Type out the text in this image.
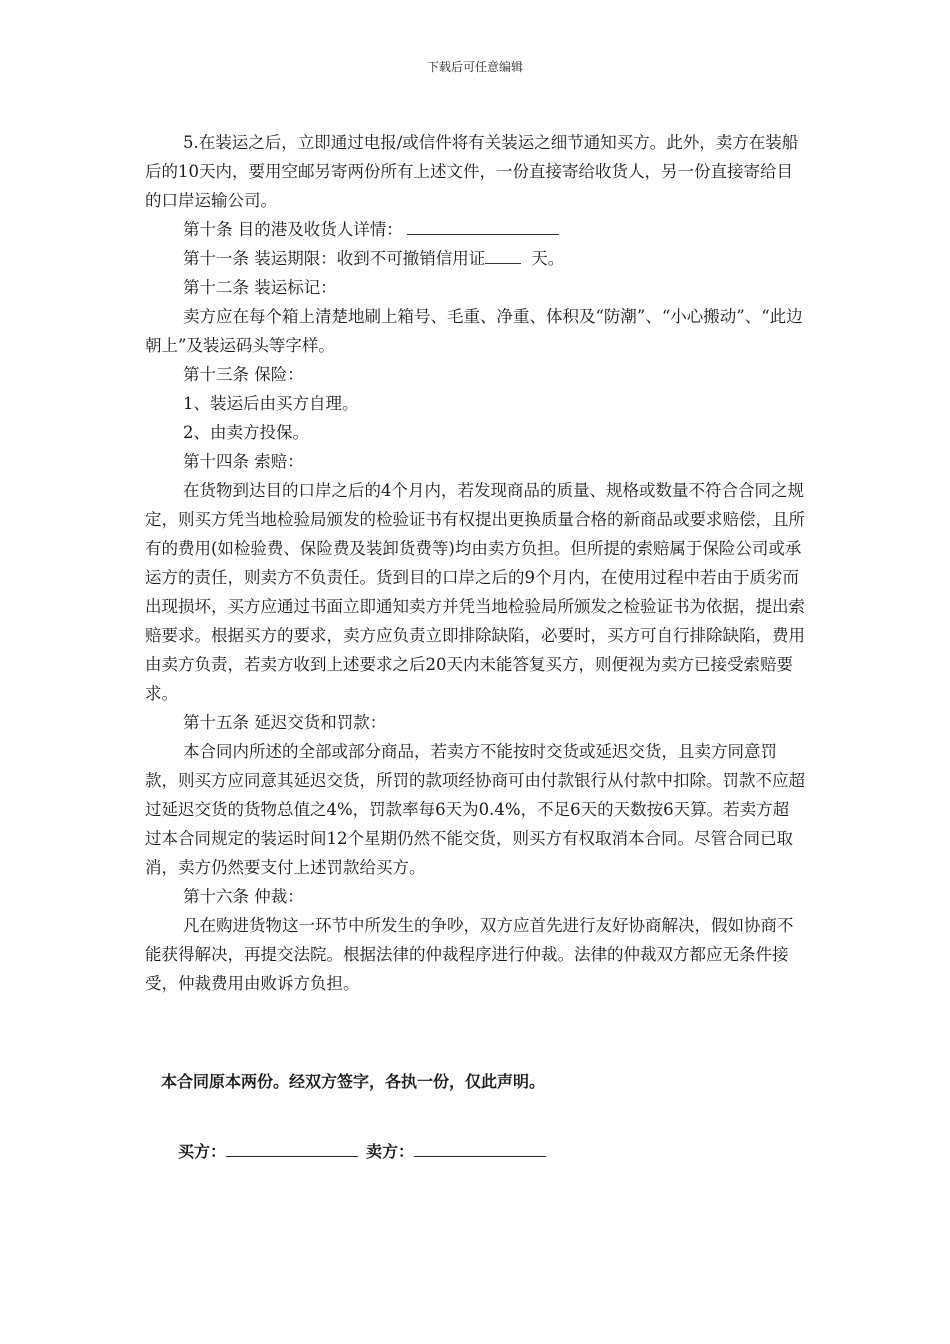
下载后可任意编辑

5.在装运之后，立即通过电报/或信件将有关装运之细节通知买方。此外，卖方在装船后的10天内，要用空邮另寄两份所有上述文件，一份直接寄给收货人，另一份直接寄给目的口岸运输公司。

第十条 目的港及收货人详情：

第十一条 装运期限：收到不可撤销信用证	天。

第十二条 装运标记：

卖方应在每个箱上清楚地刷上箱号、毛重、净重、体积及“防潮”、“小心搬动”、“此边朝上”及装运码头等字样。

第十三条 保险：

1、装运后由买方自理。

2、由卖方投保。

第十四条 索赔：

在货物到达目的口岸之后的4个月内，若发现商品的质量、规格或数量不符合合同之规定，则买方凭当地检验局颁发的检验证书有权提出更换质量合格的新商品或要求赔偿，且所有的费用(如检验费、保险费及装卸货费等)均由卖方负担。但所提的索赔属于保险公司或承运方的责任，则卖方不负责任。货到目的口岸之后的9个月内，在使用过程中若由于质劣而出现损坏，买方应通过书面立即通知卖方并凭当地检验局所颁发之检验证书为依据，提出索赔要求。根据买方的要求，卖方应负责立即排除缺陷，必要时，买方可自行排除缺陷，费用由卖方负责，若卖方收到上述要求之后20天内未能答复买方，则便视为卖方已接受索赔要求。

第十五条 延迟交货和罚款：

本合同内所述的全部或部分商品，若卖方不能按时交货或延迟交货，且卖方同意罚款，则买方应同意其延迟交货，所罚的款项经协商可由付款银行从付款中扣除。罚款不应超过延迟交货的货物总值之4%，罚款率每6天为0.4%，不足6天的天数按6天算。若卖方超过本合同规定的装运时间12个星期仍然不能交货，则买方有权取消本合同。尽管合同已取消，卖方仍然要支付上述罚款给买方。

第十六条 仲裁：

凡在购进货物这一环节中所发生的争吵，双方应首先进行友好协商解决，假如协商不能获得解决，再提交法院。根据法律的仲裁程序进行仲裁。法律的仲裁双方都应无条件接受，仲裁费用由败诉方负担。

本合同原本两份。经双方签字，各执一份，仅此声明。
买方：	卖方：
